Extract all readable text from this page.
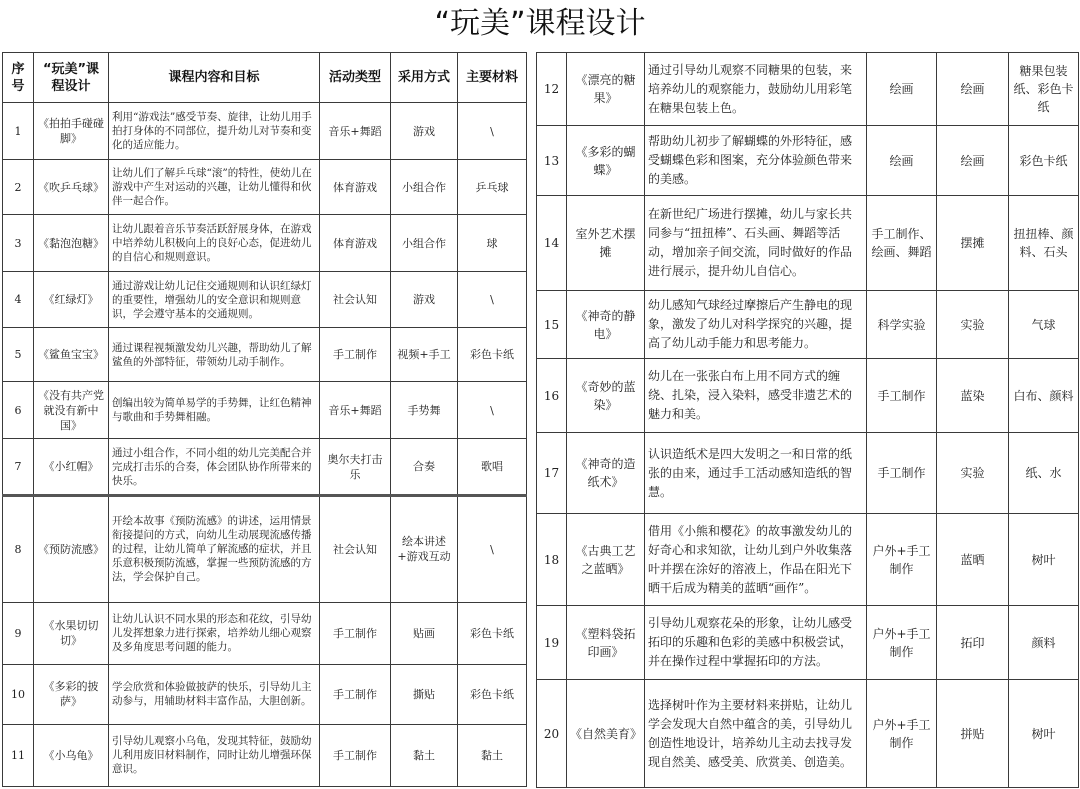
“玩美”课程设计
序号	“玩美”课程设计	课程内容和目标	活动类型	采用方式	主要材料
1	《拍拍手碰碰脚》	利用“游戏法”感受节奏、旋律，让幼儿用手拍打身体的不同部位，提升幼儿对节奏和变化的适应能力。	音乐+舞蹈	游戏	\
2	《吹乒乓球》	让幼儿们了解乒乓球“滚”的特性，使幼儿在游戏中产生对运动的兴趣，让幼儿懂得和伙伴一起合作。	体育游戏	小组合作	乒乓球
3	《黏泡泡糖》	让幼儿跟着音乐节奏活跃舒展身体，在游戏中培养幼儿积极向上的良好心态，促进幼儿的自信心和规则意识。	体育游戏	小组合作	球
4	《红绿灯》	通过游戏让幼儿记住交通规则和认识红绿灯的重要性，增强幼儿的安全意识和规则意识，学会遵守基本的交通规则。	社会认知	游戏	\
5	《鲨鱼宝宝》	通过课程视频激发幼儿兴趣，帮助幼儿了解鲨鱼的外部特征，带领幼儿动手制作。	手工制作	视频+手工	彩色卡纸
6	《没有共产党就没有新中国》	创编出较为简单易学的手势舞，让红色精神与歌曲和手势舞相融。	音乐+舞蹈	手势舞	\
7	《小红帽》	通过小组合作，不同小组的幼儿完美配合并完成打击乐的合奏，体会团队协作所带来的快乐。	奥尔夫打击乐	合奏	歌唱
8	《预防流感》	开绘本故事《预防流感》的讲述，运用情景衔接提问的方式，向幼儿生动展现流感传播的过程，让幼儿简单了解流感的症状，并且乐意积极预防流感，掌握一些预防流感的方法，学会保护自己。	社会认知	绘本讲述+游戏互动	\
9	《水果切切切》	让幼儿认识不同水果的形态和花纹，引导幼儿发挥想象力进行探索，培养幼儿细心观察及多角度思考问题的能力。	手工制作	贴画	彩色卡纸
10	《多彩的披萨》	学会欣赏和体验做披萨的快乐，引导幼儿主动参与，用辅助材料丰富作品，大胆创新。	手工制作	撕贴	彩色卡纸
11	《小乌龟》	引导幼儿观察小乌龟，发现其特征，鼓励幼儿利用废旧材料制作，同时让幼儿增强环保意识。	手工制作	黏土	黏土
12	《漂亮的糖果》	通过引导幼儿观察不同糖果的包装，来培养幼儿的观察能力，鼓励幼儿用彩笔在糖果包装上色。	绘画	绘画	糖果包装纸、彩色卡纸
13	《多彩的蝴蝶》	帮助幼儿初步了解蝴蝶的外形特征，感受蝴蝶色彩和图案，充分体验颜色带来的美感。	绘画	绘画	彩色卡纸
14	室外艺术摆摊	在新世纪广场进行摆摊，幼儿与家长共同参与“扭扭棒”、石头画、舞蹈等活动，增加亲子间交流，同时做好的作品进行展示，提升幼儿自信心。	手工制作、绘画、舞蹈	摆摊	扭扭棒、颜料、石头
15	《神奇的静电》	幼儿感知气球经过摩擦后产生静电的现象，激发了幼儿对科学探究的兴趣，提高了幼儿动手能力和思考能力。	科学实验	实验	气球
16	《奇妙的蓝染》	幼儿在一张张白布上用不同方式的缠绕、扎染，浸入染料，感受非遗艺术的魅力和美。	手工制作	蓝染	白布、颜料
17	《神奇的造纸术》	认识造纸术是四大发明之一和日常的纸张的由来，通过手工活动感知造纸的智慧。	手工制作	实验	纸、水
18	《古典工艺之蓝晒》	借用《小熊和樱花》的故事激发幼儿的好奇心和求知欲，让幼儿到户外收集落叶并摆在涂好的溶液上，作品在阳光下晒干后成为精美的蓝晒“画作”。	户外+手工制作	蓝晒	树叶
19	《塑料袋拓印画》	引导幼儿观察花朵的形象，让幼儿感受拓印的乐趣和色彩的美感中积极尝试，并在操作过程中掌握拓印的方法。	户外+手工制作	拓印	颜料
20	《自然美育》	选择树叶作为主要材料来拼贴，让幼儿学会发现大自然中蕴含的美，引导幼儿创造性地设计，培养幼儿主动去找寻发现自然美、感受美、欣赏美、创造美。	户外+手工制作	拼贴	树叶
